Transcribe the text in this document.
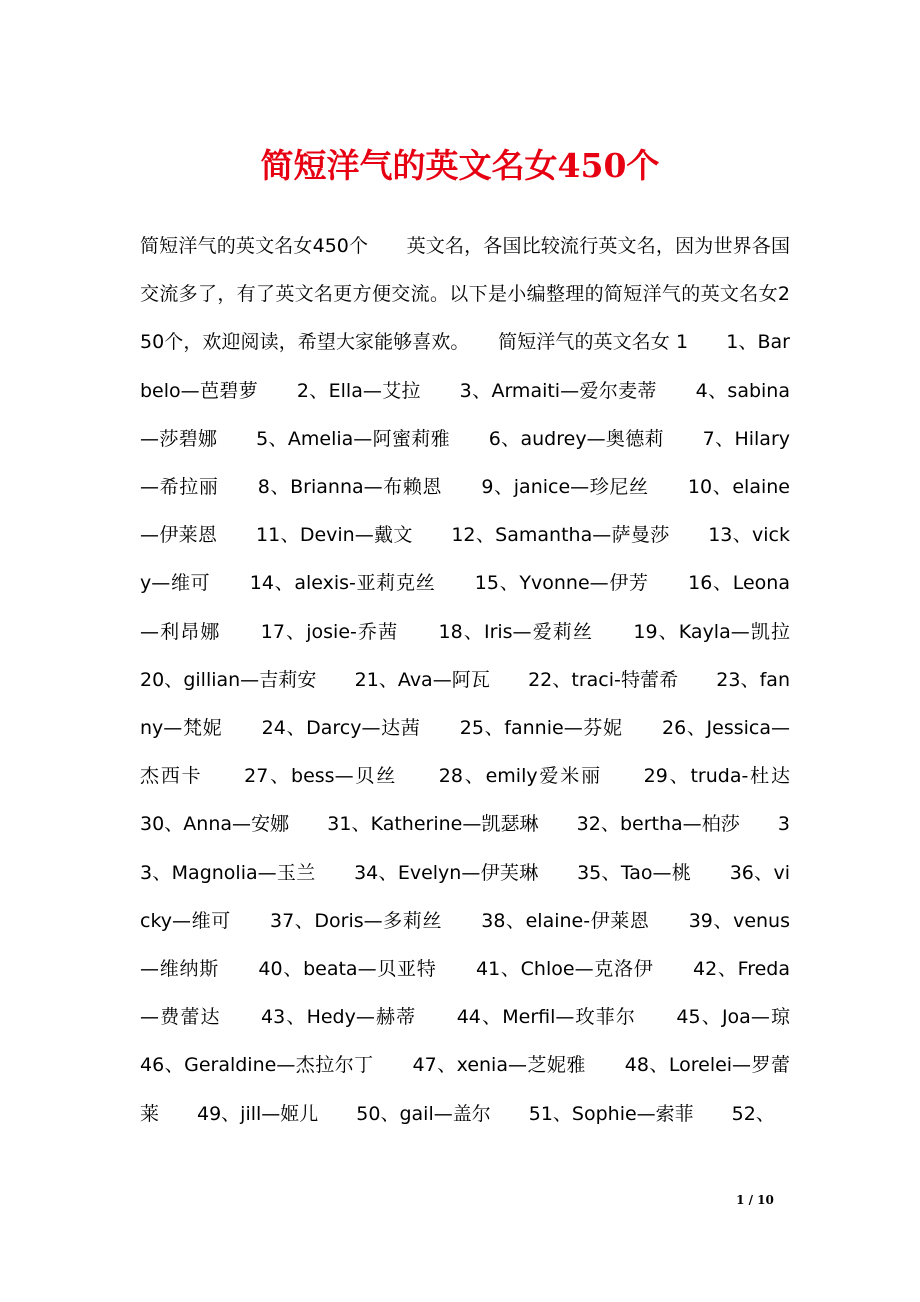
简短洋气的英文名女450个
简短洋气的英文名女450个　　英文名，各国比较流行英文名，因为世界各国交流多了，有了英文名更方便交流。以下是小编整理的简短洋气的英文名女250个，欢迎阅读，希望大家能够喜欢。　　简短洋气的英文名女 1　　1、Barbelo—芭碧萝　　2、Ella—艾拉　　3、Armaiti—爱尔麦蒂　　4、sabina—莎碧娜　　5、Amelia—阿蜜莉雅　　6、audrey—奥德莉　　7、Hilary—希拉丽　　8、Brianna—布赖恩　　9、janice—珍尼丝　　10、elaine—伊莱恩　　11、Devin—戴文　　12、Samantha—萨曼莎　　13、vicky—维可　　14、alexis-亚莉克丝　　15、Yvonne—伊芳　　16、Leona—利昂娜　　17、josie-乔茜　　18、Iris—爱莉丝　　19、Kayla—凯拉　　20、gillian—吉莉安　　21、Ava—阿瓦　　22、traci-特蕾希　　23、fanny—梵妮　　24、Darcy—达茜　　25、fannie—芬妮　　26、Jessica—杰西卡　　27、bess—贝丝　　28、emily爱米丽　　29、truda-杜达　　30、Anna—安娜　　31、Katherine—凯瑟琳　　32、bertha—柏莎　　33、Magnolia—玉兰　　34、Evelyn—伊芙琳　　35、Tao—桃　　36、vicky—维可　　37、Doris—多莉丝　　38、elaine-伊莱恩　　39、venus—维纳斯　　40、beata—贝亚特　　41、Chloe—克洛伊　　42、Freda—费蕾达　　43、Hedy—赫蒂　　44、Merfil—玫菲尔　　45、Joa—琼　　46、Geraldine—杰拉尔丁　　47、xenia—芝妮雅　　48、Lorelei—罗蕾莱　　49、jill—姬儿　　50、gail—盖尔　　51、Sophie—索菲　　52、
1 / 10
